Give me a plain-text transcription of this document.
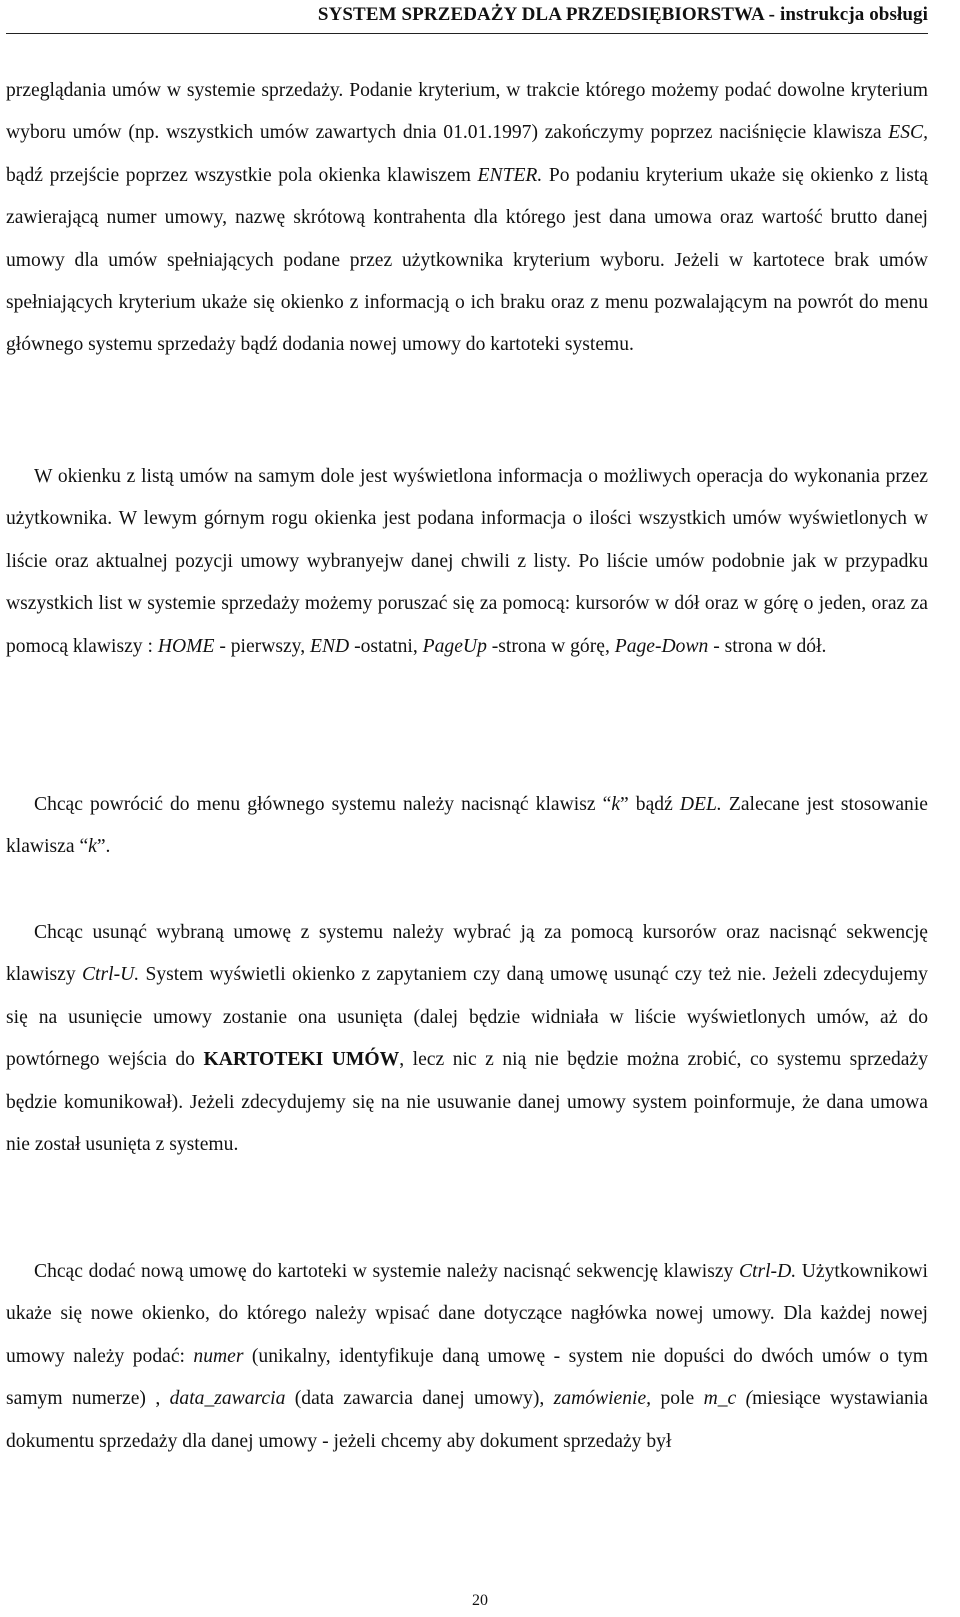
SYSTEM SPRZEDAŻY DLA PRZEDSIĘBIORSTWA - instrukcja obsługi

przeglądania umów w systemie sprzedaży. Podanie kryterium, w trakcie którego możemy podać dowolne kryterium wyboru umów (np. wszystkich umów zawartych dnia 01.01.1997) zakończymy poprzez naciśnięcie klawisza ESC, bądź przejście poprzez wszystkie pola okienka klawiszem ENTER. Po podaniu kryterium ukaże się okienko z listą zawierającą numer umowy, nazwę skrótową kontrahenta dla którego jest dana umowa oraz wartość brutto danej umowy dla umów spełniających podane przez użytkownika kryterium wyboru. Jeżeli w kartotece brak umów spełniających kryterium ukaże się okienko z informacją o ich braku oraz z menu pozwalającym na powrót do menu głównego systemu sprzedaży bądź dodania nowej umowy do kartoteki systemu.

W okienku z listą umów na samym dole jest wyświetlona informacja o możliwych operacja do wykonania przez użytkownika. W lewym górnym rogu okienka jest podana informacja o ilości wszystkich umów wyświetlonych w liście oraz aktualnej pozycji umowy wybranyejw danej chwili z listy. Po liście umów podobnie jak w przypadku wszystkich list w systemie sprzedaży możemy poruszać się za pomocą: kursorów w dół oraz w górę o jeden, oraz za pomocą klawiszy : HOME - pierwszy, END -ostatni, PageUp -strona w górę, Page-Down - strona w dół.

Chcąc powrócić do menu głównego systemu należy nacisnąć klawisz “k” bądź DEL. Zalecane jest stosowanie klawisza “k”.

Chcąc usunąć wybraną umowę z systemu należy wybrać ją za pomocą kursorów oraz nacisnąć sekwencję klawiszy Ctrl-U. System wyświetli okienko z zapytaniem czy daną umowę usunąć czy też nie. Jeżeli zdecydujemy się na usunięcie umowy zostanie ona usunięta (dalej będzie widniała w liście wyświetlonych umów, aż do powtórnego wejścia do KARTOTEKI UMÓW, lecz nic z nią nie będzie można zrobić, co systemu sprzedaży będzie komunikował). Jeżeli zdecydujemy się na nie usuwanie danej umowy system poinformuje, że dana umowa nie został usunięta z systemu.

Chcąc dodać nową umowę do kartoteki w systemie należy nacisnąć sekwencję klawiszy Ctrl-D. Użytkownikowi ukaże się nowe okienko, do którego należy wpisać dane dotyczące nagłówka nowej umowy. Dla każdej nowej umowy należy podać: numer (unikalny, identyfikuje daną umowę - system nie dopuści do dwóch umów o tym samym numerze) , data_zawarcia (data zawarcia danej umowy), zamówienie, pole m_c (miesiące wystawiania dokumentu sprzedaży dla danej umowy - jeżeli chcemy aby dokument sprzedaży był

20
